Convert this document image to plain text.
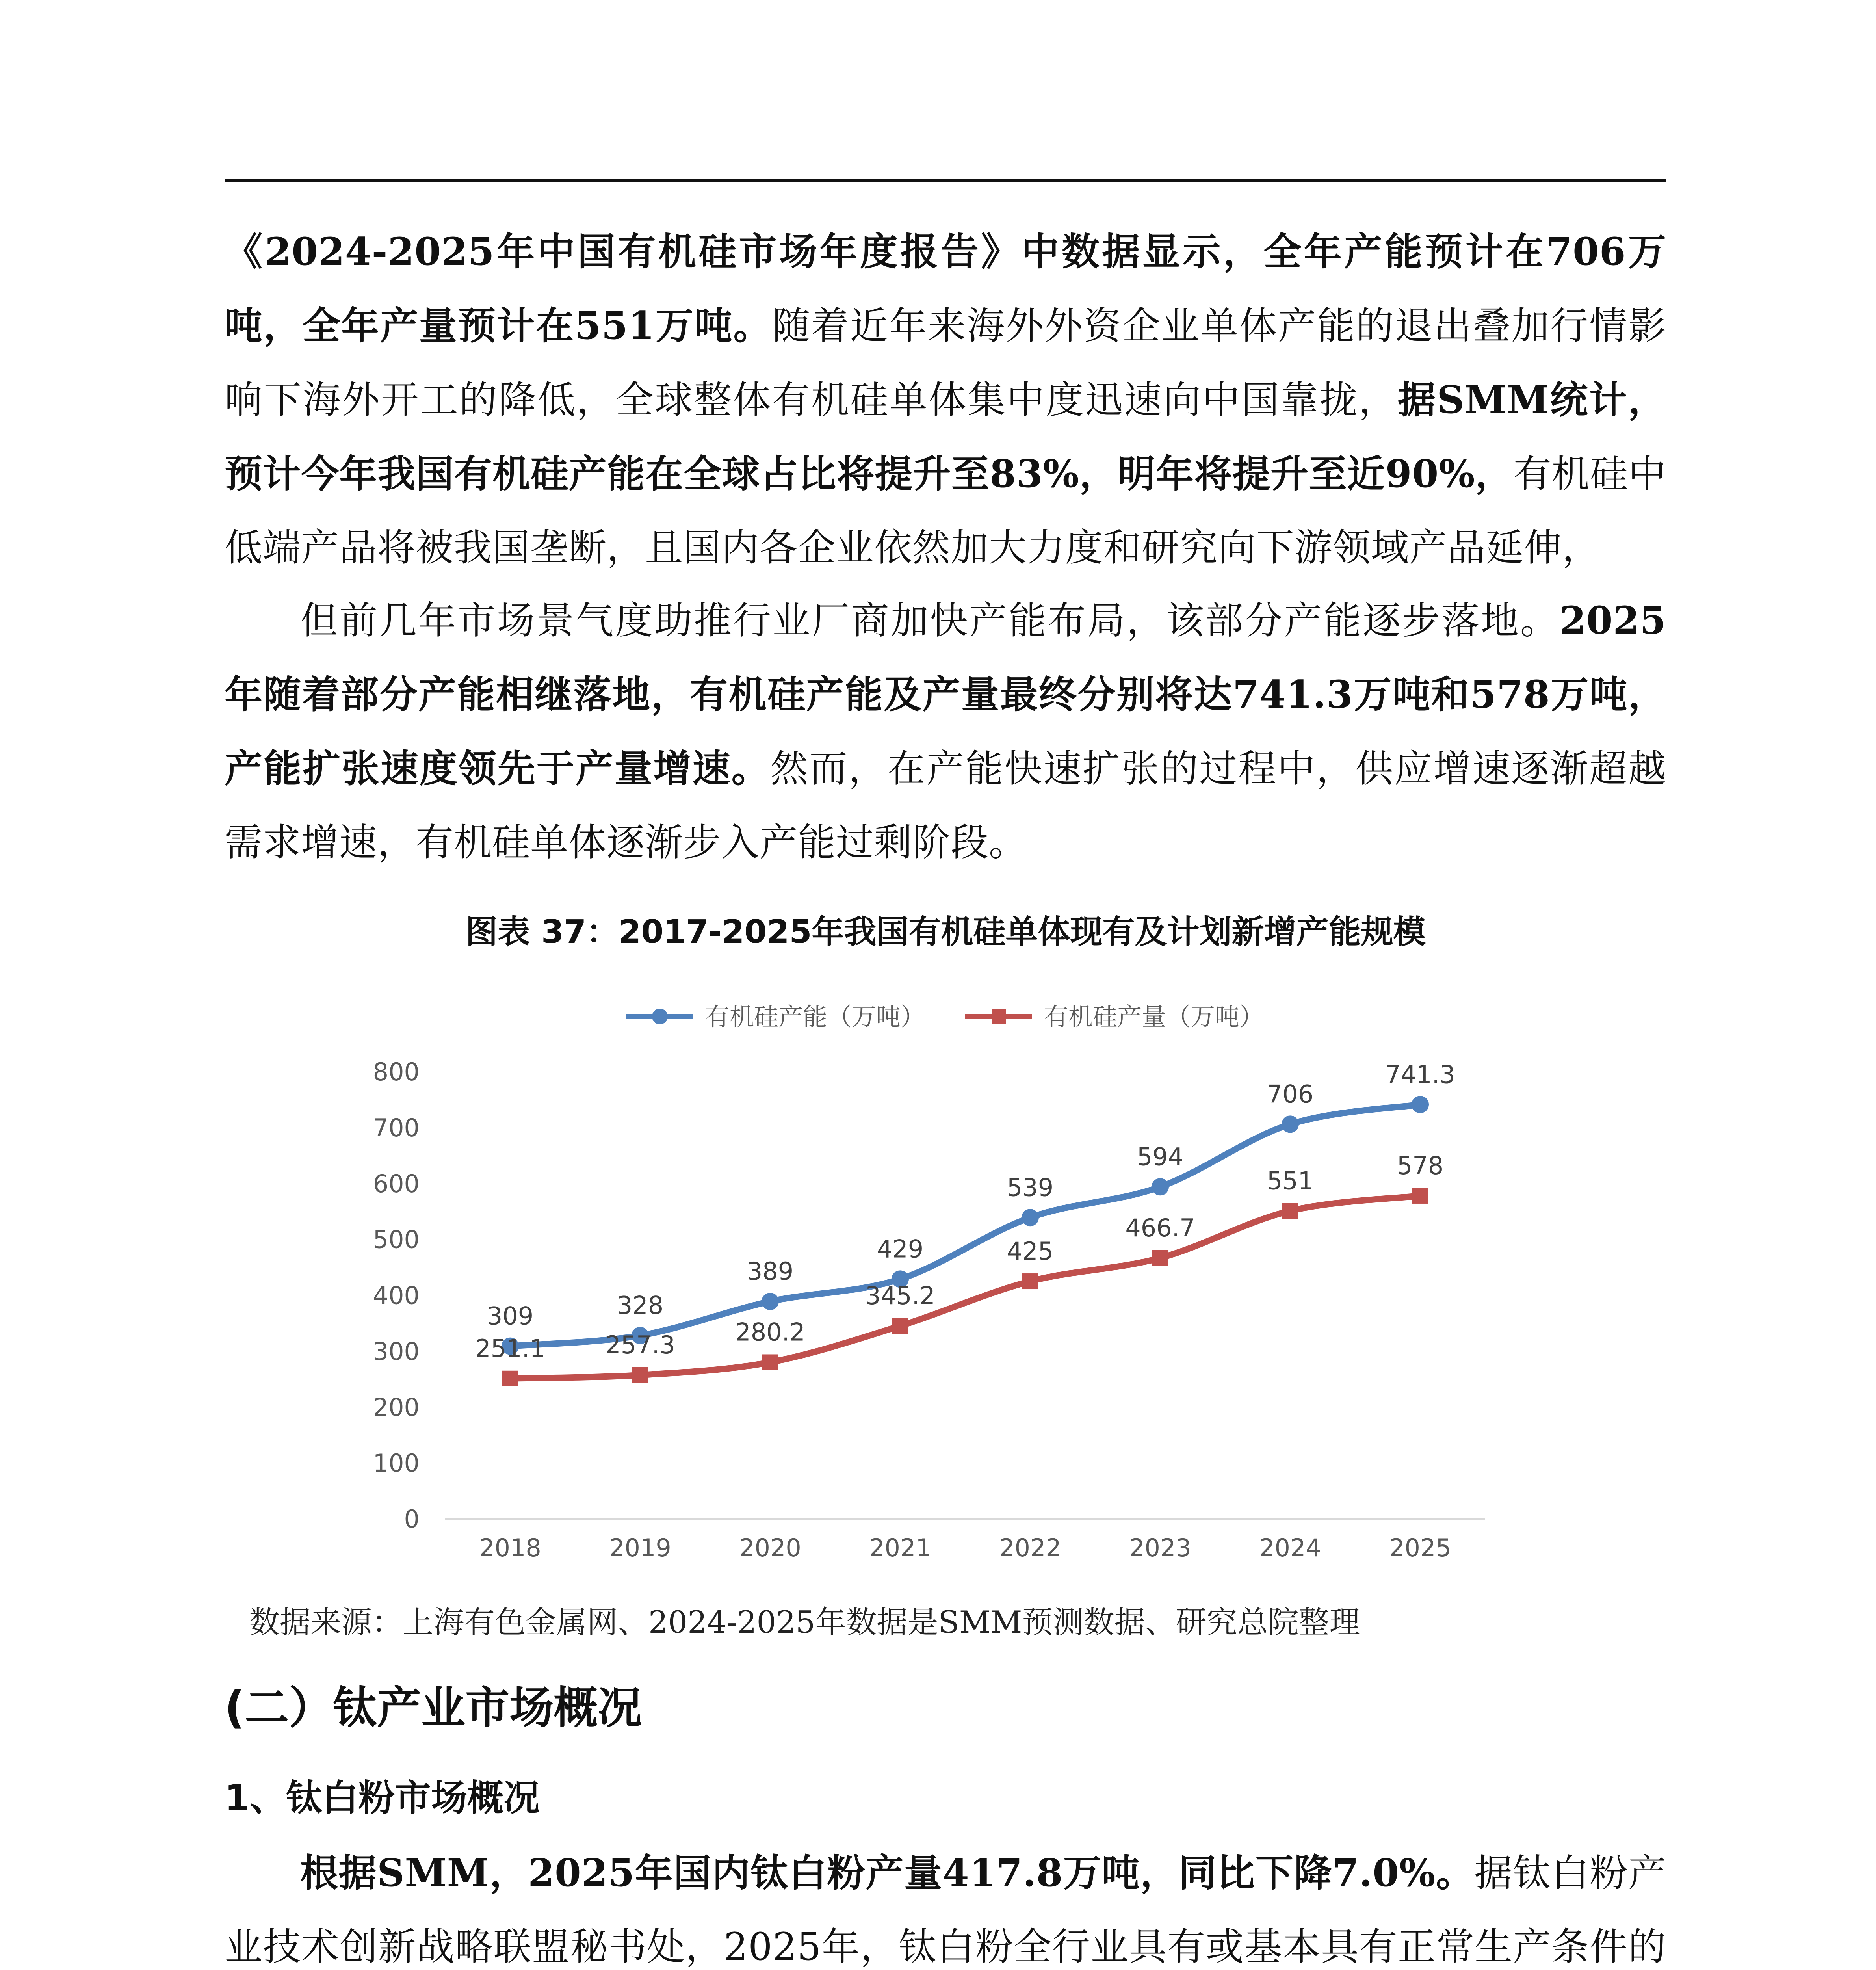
《2024-2025年中国有机硅市场年度报告》中数据显示，全年产能预计在706万吨，全年产量预计在551万吨。随着近年来海外外资企业单体产能的退出叠加行情影响下海外开工的降低，全球整体有机硅单体集中度迅速向中国靠拢，据SMM统计，预计今年我国有机硅产能在全球占比将提升至83%，明年将提升至近90%，有机硅中低端产品将被我国垄断，且国内各企业依然加大力度和研究向下游领域产品延伸，

但前几年市场景气度助推行业厂商加快产能布局，该部分产能逐步落地。2025年随着部分产能相继落地，有机硅产能及产量最终分别将达741.3万吨和578万吨，产能扩张速度领先于产量增速。然而，在产能快速扩张的过程中，供应增速逐渐超越需求增速，有机硅单体逐渐步入产能过剩阶段。

图表 37：2017-2025年我国有机硅单体现有及计划新增产能规模
0
100
200
300
400
500
600
700
800
2018	2019	2020	2021	2022	2023	2024	2025
309	328
389
429
539
594
706
741.3
251.1 257.3 280.2
345.2
425
466.7
551
578
有机硅产能（万吨）	有机硅产量（万吨）
数据来源：上海有色金属网、2024-2025年数据是SMM预测数据、研究总院整理
(二）钛产业市场概况
1、钛白粉市场概况

根据SMM，2025年国内钛白粉产量417.8万吨，同比下降7.0%。据钛白粉产业技术创新战略联盟秘书处，2025年，钛白粉全行业具有或基本具有正常生产条件的
